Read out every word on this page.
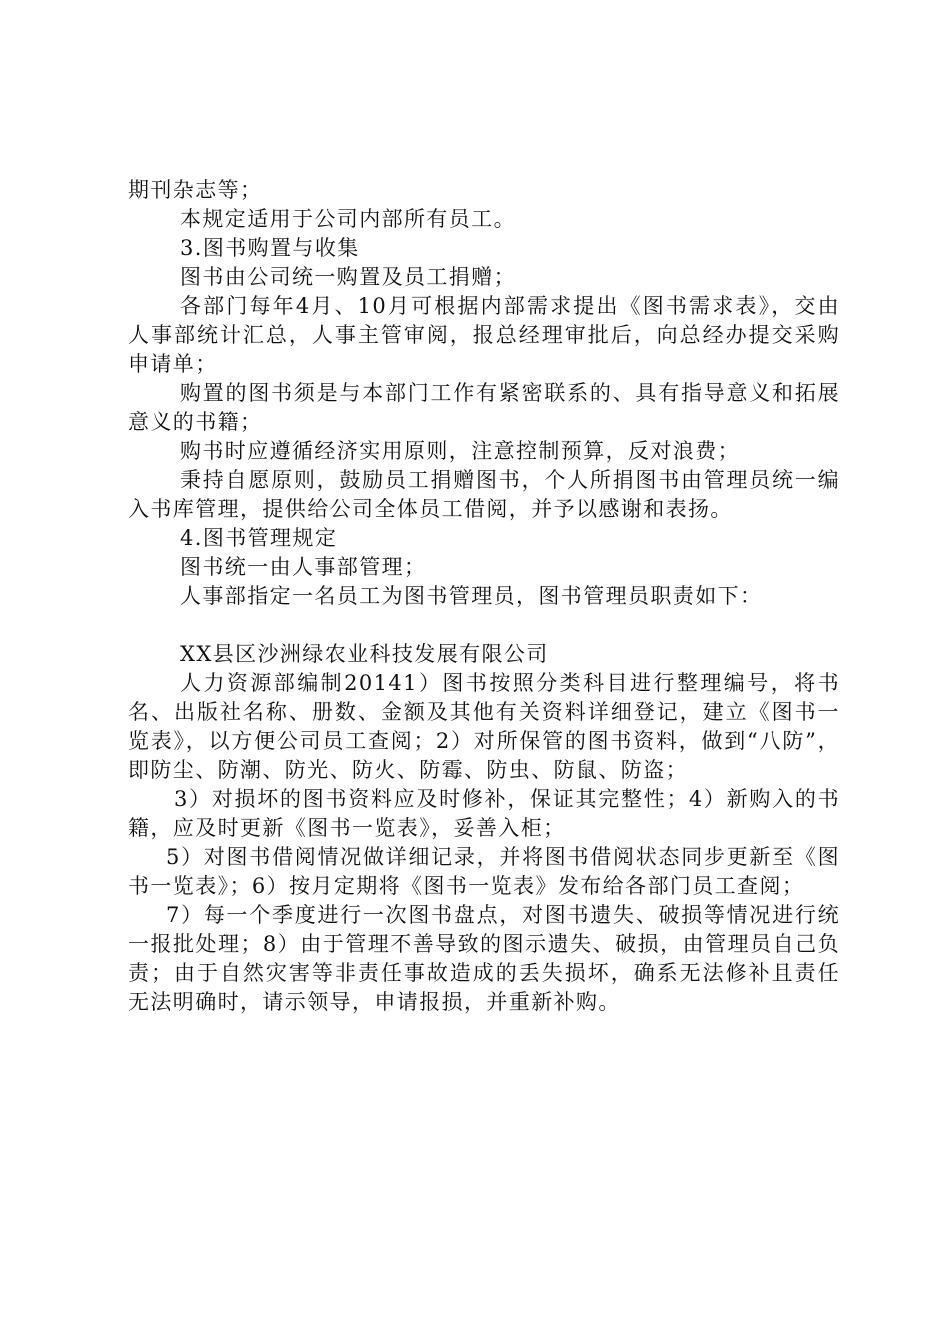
期刊杂志等；

本规定适用于公司内部所有员工。

3.图书购置与收集

图书由公司统一购置及员工捐赠；

各部门每年4月、10月可根据内部需求提出《图书需求表》，交由人事部统计汇总，人事主管审阅，报总经理审批后，向总经办提交采购申请单；

购置的图书须是与本部门工作有紧密联系的、具有指导意义和拓展意义的书籍；

购书时应遵循经济实用原则，注意控制预算，反对浪费；

秉持自愿原则，鼓励员工捐赠图书，个人所捐图书由管理员统一编入书库管理，提供给公司全体员工借阅，并予以感谢和表扬。

4.图书管理规定

图书统一由人事部管理；

人事部指定一名员工为图书管理员，图书管理员职责如下：

XX县区沙洲绿农业科技发展有限公司

人力资源部编制20141）图书按照分类科目进行整理编号，将书名、出版社名称、册数、金额及其他有关资料详细登记，建立《图书一览表》，以方便公司员工查阅；2）对所保管的图书资料，做到“八防”，即防尘、防潮、防光、防火、防霉、防虫、防鼠、防盗；

3）对损坏的图书资料应及时修补，保证其完整性；4）新购入的书籍，应及时更新《图书一览表》，妥善入柜；

5）对图书借阅情况做详细记录，并将图书借阅状态同步更新至《图书一览表》；6）按月定期将《图书一览表》发布给各部门员工查阅；

7）每一个季度进行一次图书盘点，对图书遗失、破损等情况进行统一报批处理；8）由于管理不善导致的图示遗失、破损，由管理员自己负责；由于自然灾害等非责任事故造成的丢失损坏，确系无法修补且责任无法明确时，请示领导，申请报损，并重新补购。
